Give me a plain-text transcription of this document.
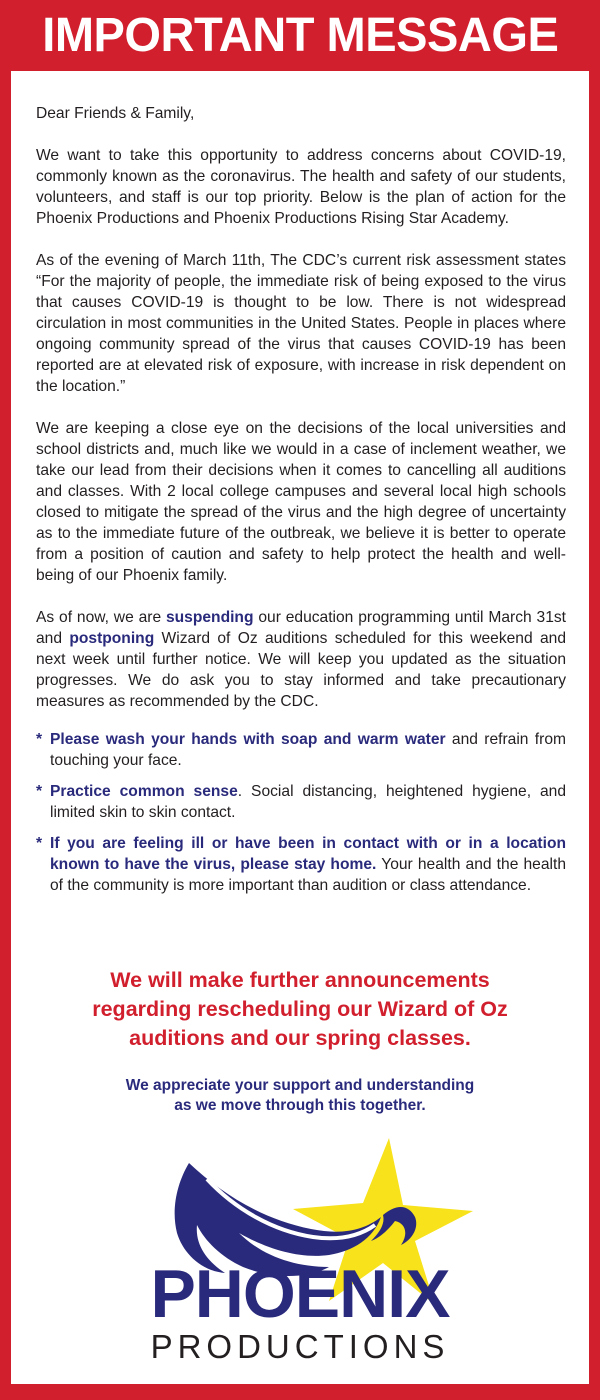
IMPORTANT MESSAGE

Dear Friends & Family,

We want to take this opportunity to address concerns about COVID-19, commonly known as the coronavirus. The health and safety of our students, volunteers, and staff is our top priority. Below is the plan of action for the Phoenix Productions and Phoenix Productions Rising Star Academy.

As of the evening of March 11th, The CDC’s current risk assessment states “For the majority of people, the immediate risk of being exposed to the virus that causes COVID-19 is thought to be low. There is not widespread circulation in most communities in the United States. People in places where ongoing community spread of the virus that causes COVID-19 has been reported are at elevated risk of exposure, with increase in risk dependent on the location.”

We are keeping a close eye on the decisions of the local universities and school districts and, much like we would in a case of inclement weather, we take our lead from their decisions when it comes to cancelling all auditions and classes. With 2 local college campuses and several local high schools closed to mitigate the spread of the virus and the high degree of uncertainty as to the immediate future of the outbreak, we believe it is better to operate from a position of caution and safety to help protect the health and well-being of our Phoenix family.

As of now, we are suspending our education programming until March 31st and postponing Wizard of Oz auditions scheduled for this weekend and next week until further notice. We will keep you updated as the situation progresses. We do ask you to stay informed and take precautionary measures as recommended by the CDC.

* Please wash your hands with soap and warm water and refrain from touching your face.
* Practice common sense. Social distancing, heightened hygiene, and limited skin to skin contact.
* If you are feeling ill or have been in contact with or in a location known to have the virus, please stay home. Your health and the health of the community is more important than audition or class attendance.
We will make further announcements
regarding rescheduling our Wizard of Oz
auditions and our spring classes.
We appreciate your support and understanding
as we move through this together.
PHOENIX
PRODUCTIONS
